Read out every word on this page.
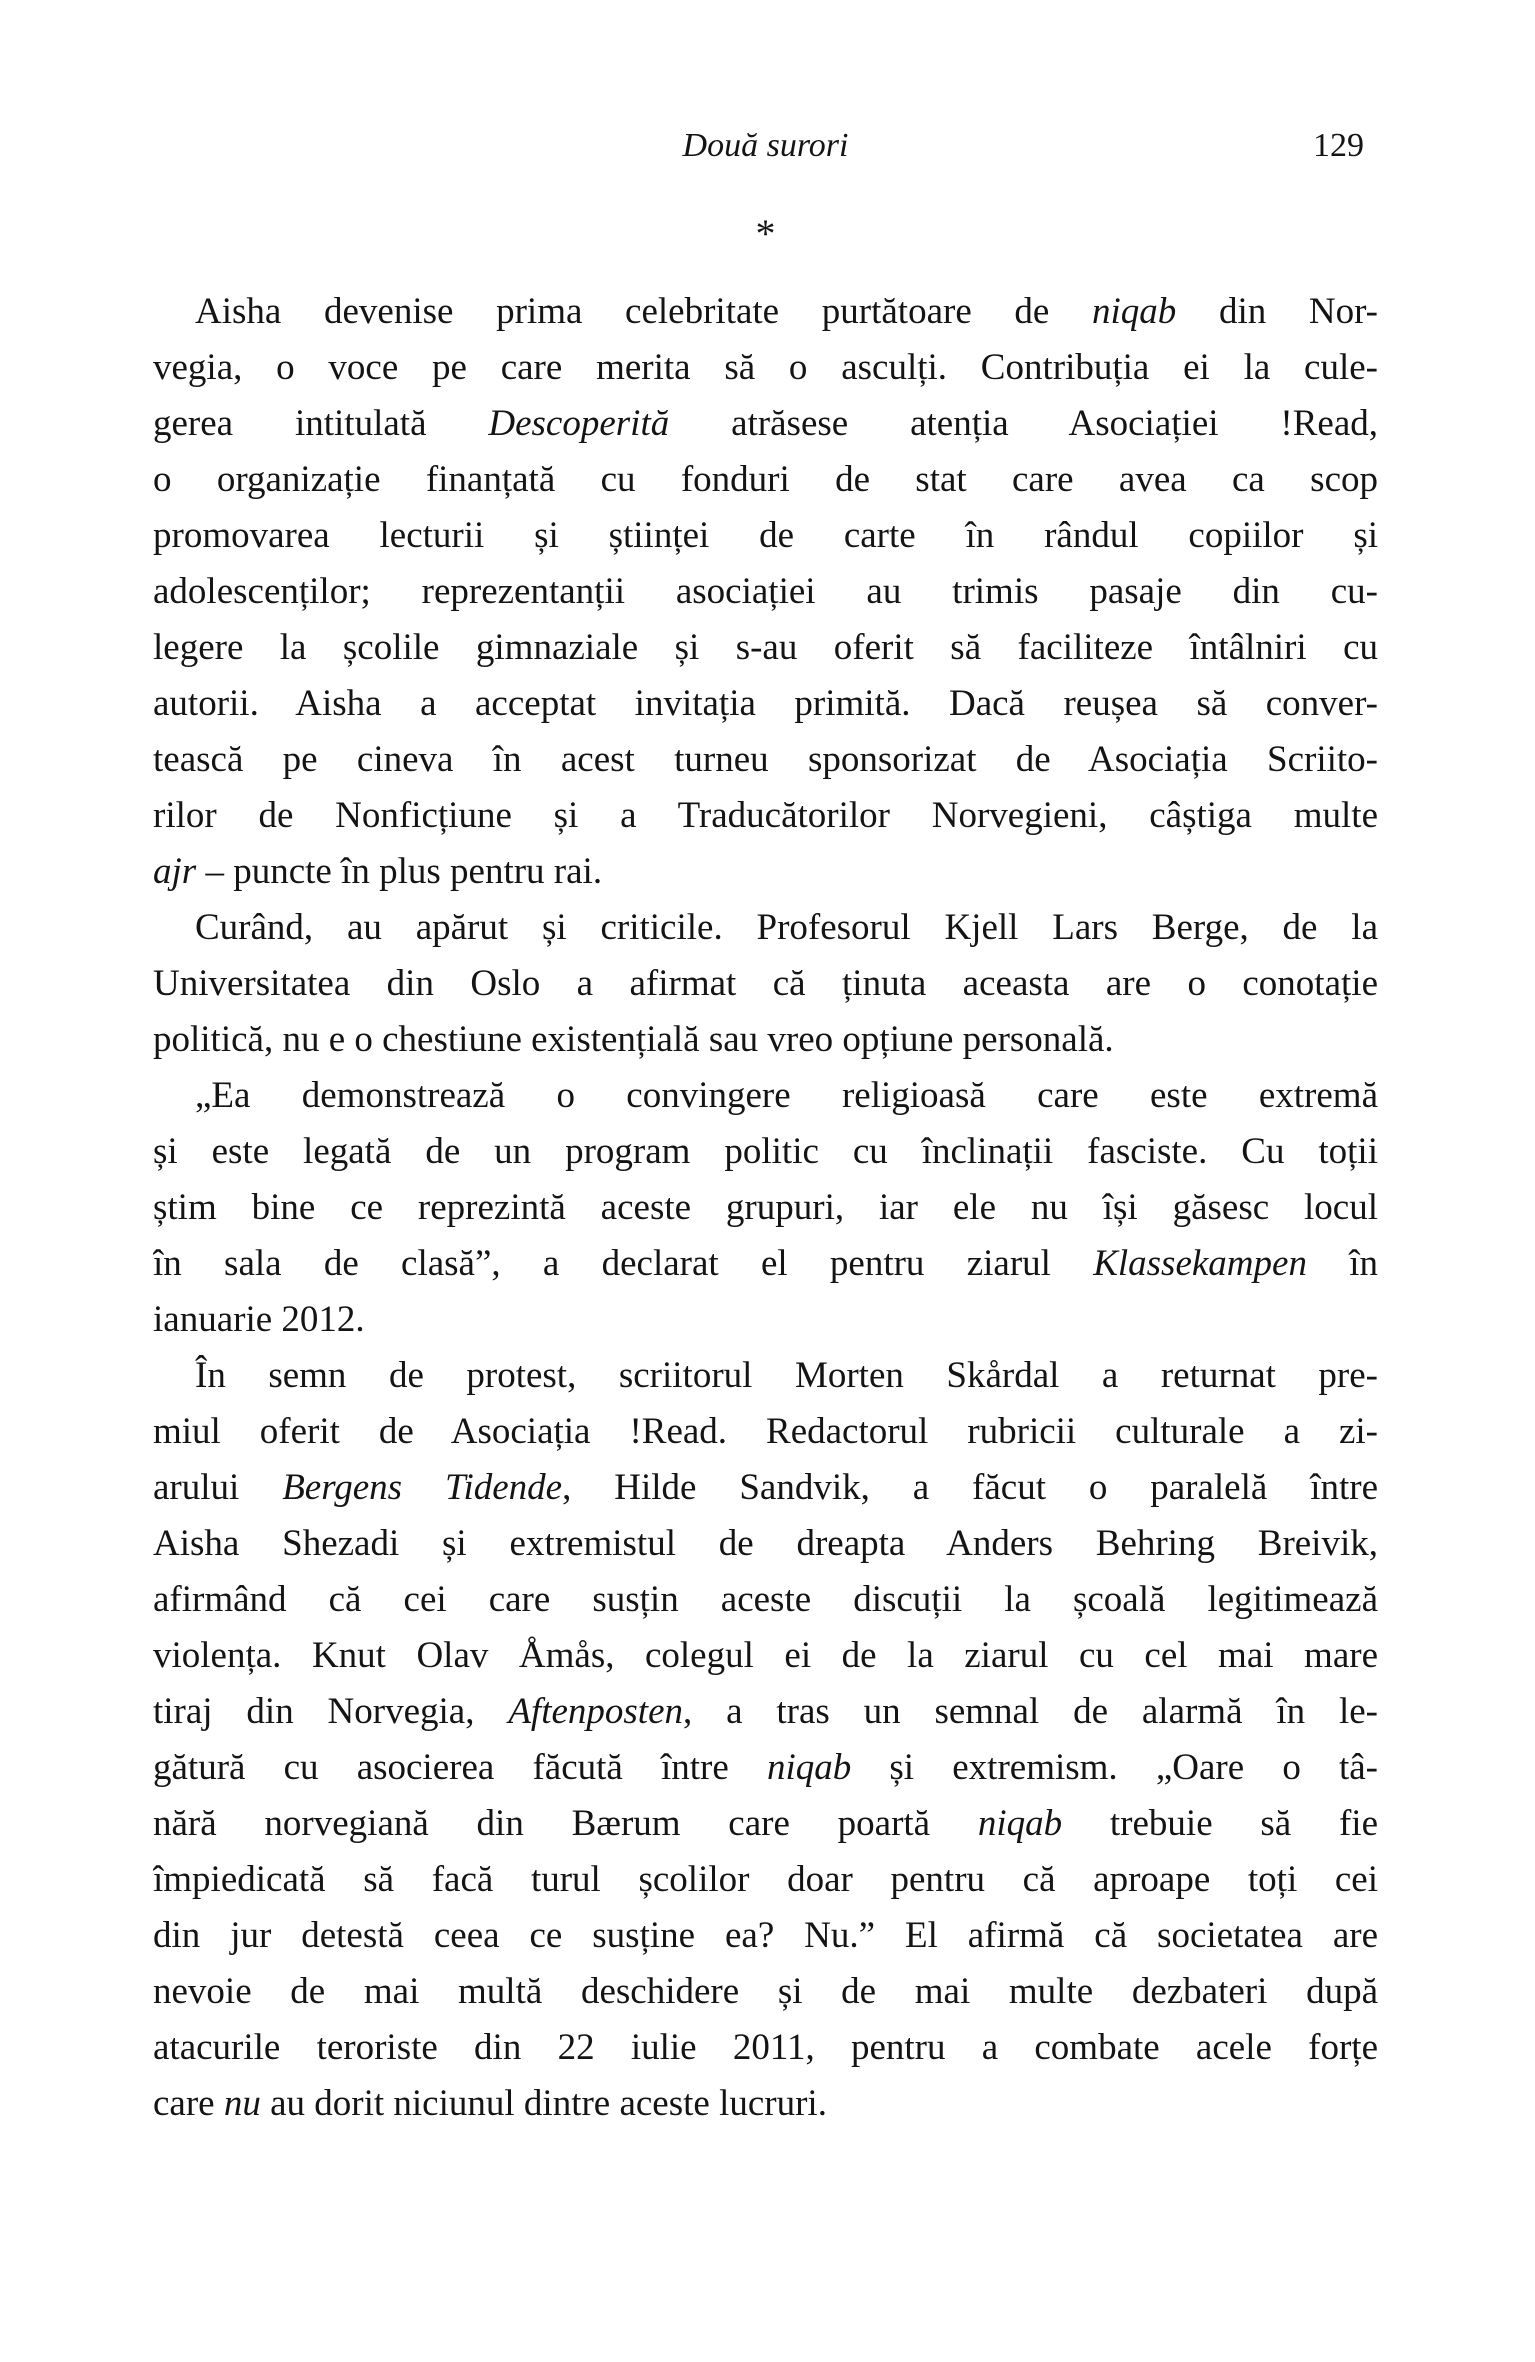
Două surori	129
*
Aisha devenise prima celebritate purtătoare de niqab din Nor-
vegia, o voce pe care merita să o asculți. Contribuția ei la cule-
gerea intitulată Descoperită atrăsese atenția Asociației !Read,
o organizație finanțată cu fonduri de stat care avea ca scop
promovarea lecturii și științei de carte în rândul copiilor și
adolescenților; reprezentanții asociației au trimis pasaje din cu-
legere la școlile gimnaziale și s-au oferit să faciliteze întâlniri cu
autorii. Aisha a acceptat invitația primită. Dacă reușea să conver-
tească pe cineva în acest turneu sponsorizat de Asociația Scriito-
rilor de Nonficțiune și a Traducătorilor Norvegieni, câștiga multe
ajr – puncte în plus pentru rai.
Curând, au apărut și criticile. Profesorul Kjell Lars Berge, de la
Universitatea din Oslo a afirmat că ținuta aceasta are o conotație
politică, nu e o chestiune existențială sau vreo opțiune personală.
„Ea demonstrează o convingere religioasă care este extremă
și este legată de un program politic cu înclinații fasciste. Cu toții
știm bine ce reprezintă aceste grupuri, iar ele nu își găsesc locul
în sala de clasă”, a declarat el pentru ziarul Klassekampen în
ianuarie 2012.
În semn de protest, scriitorul Morten Skårdal a returnat pre-
miul oferit de Asociația !Read. Redactorul rubricii culturale a zi-
arului Bergens Tidende, Hilde Sandvik, a făcut o paralelă între
Aisha Shezadi și extremistul de dreapta Anders Behring Breivik,
afirmând că cei care susțin aceste discuții la școală legitimează
violența. Knut Olav Åmås, colegul ei de la ziarul cu cel mai mare
tiraj din Norvegia, Aftenposten, a tras un semnal de alarmă în le-
gătură cu asocierea făcută între niqab și extremism. „Oare o tâ-
nără norvegiană din Bærum care poartă niqab trebuie să fie
împiedicată să facă turul școlilor doar pentru că aproape toți cei
din jur detestă ceea ce susține ea? Nu.” El afirmă că societatea are
nevoie de mai multă deschidere și de mai multe dezbateri după
atacurile teroriste din 22 iulie 2011, pentru a combate acele forțe
care nu au dorit niciunul dintre aceste lucruri.
